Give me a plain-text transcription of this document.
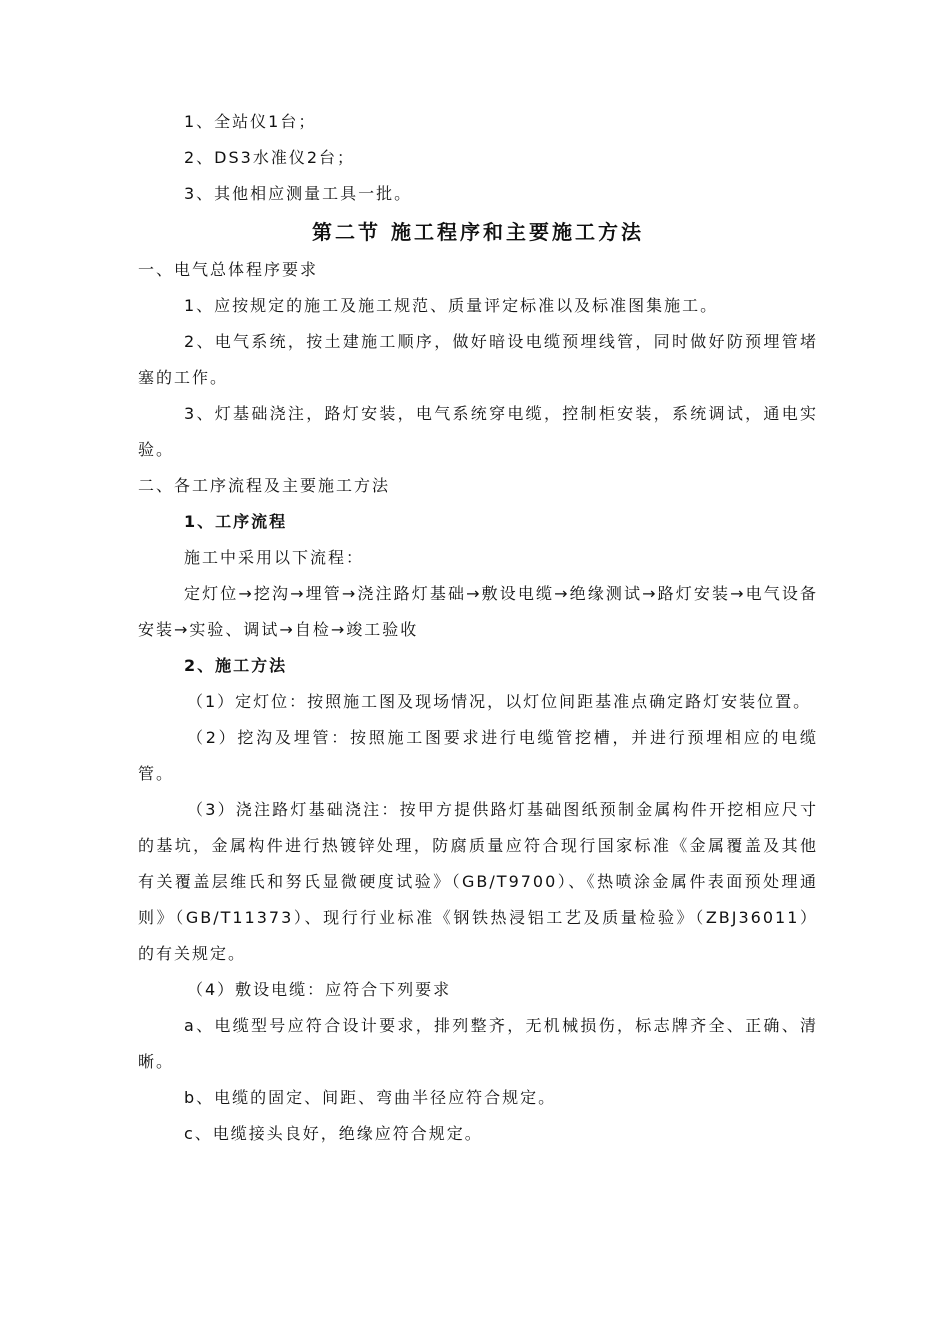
1、全站仪1台；

2、DS3水准仪2台；

3、其他相应测量工具一批。

第二节 施工程序和主要施工方法

一、电气总体程序要求

1、应按规定的施工及施工规范、质量评定标准以及标准图集施工。

2、电气系统，按土建施工顺序，做好暗设电缆预埋线管，同时做好防预埋管堵塞的工作。

3、灯基础浇注，路灯安装，电气系统穿电缆，控制柜安装，系统调试，通电实验。

二、各工序流程及主要施工方法

1、工序流程

施工中采用以下流程：

定灯位→挖沟→埋管→浇注路灯基础→敷设电缆→绝缘测试→路灯安装→电气设备安装→实验、调试→自检→竣工验收

2、施工方法

（1）定灯位：按照施工图及现场情况，以灯位间距基准点确定路灯安装位置。

（2）挖沟及埋管：按照施工图要求进行电缆管挖槽，并进行预埋相应的电缆管。

（3）浇注路灯基础浇注：按甲方提供路灯基础图纸预制金属构件开挖相应尺寸的基坑，金属构件进行热镀锌处理，防腐质量应符合现行国家标准《金属覆盖及其他有关覆盖层维氏和努氏显微硬度试验》（GB/T9700）、《热喷涂金属件表面预处理通则》（GB/T11373）、现行行业标准《钢铁热浸铝工艺及质量检验》（ZBJ36011）的有关规定。

（4）敷设电缆：应符合下列要求

a、电缆型号应符合设计要求，排列整齐，无机械损伤，标志牌齐全、正确、清晰。

b、电缆的固定、间距、弯曲半径应符合规定。

c、电缆接头良好，绝缘应符合规定。
